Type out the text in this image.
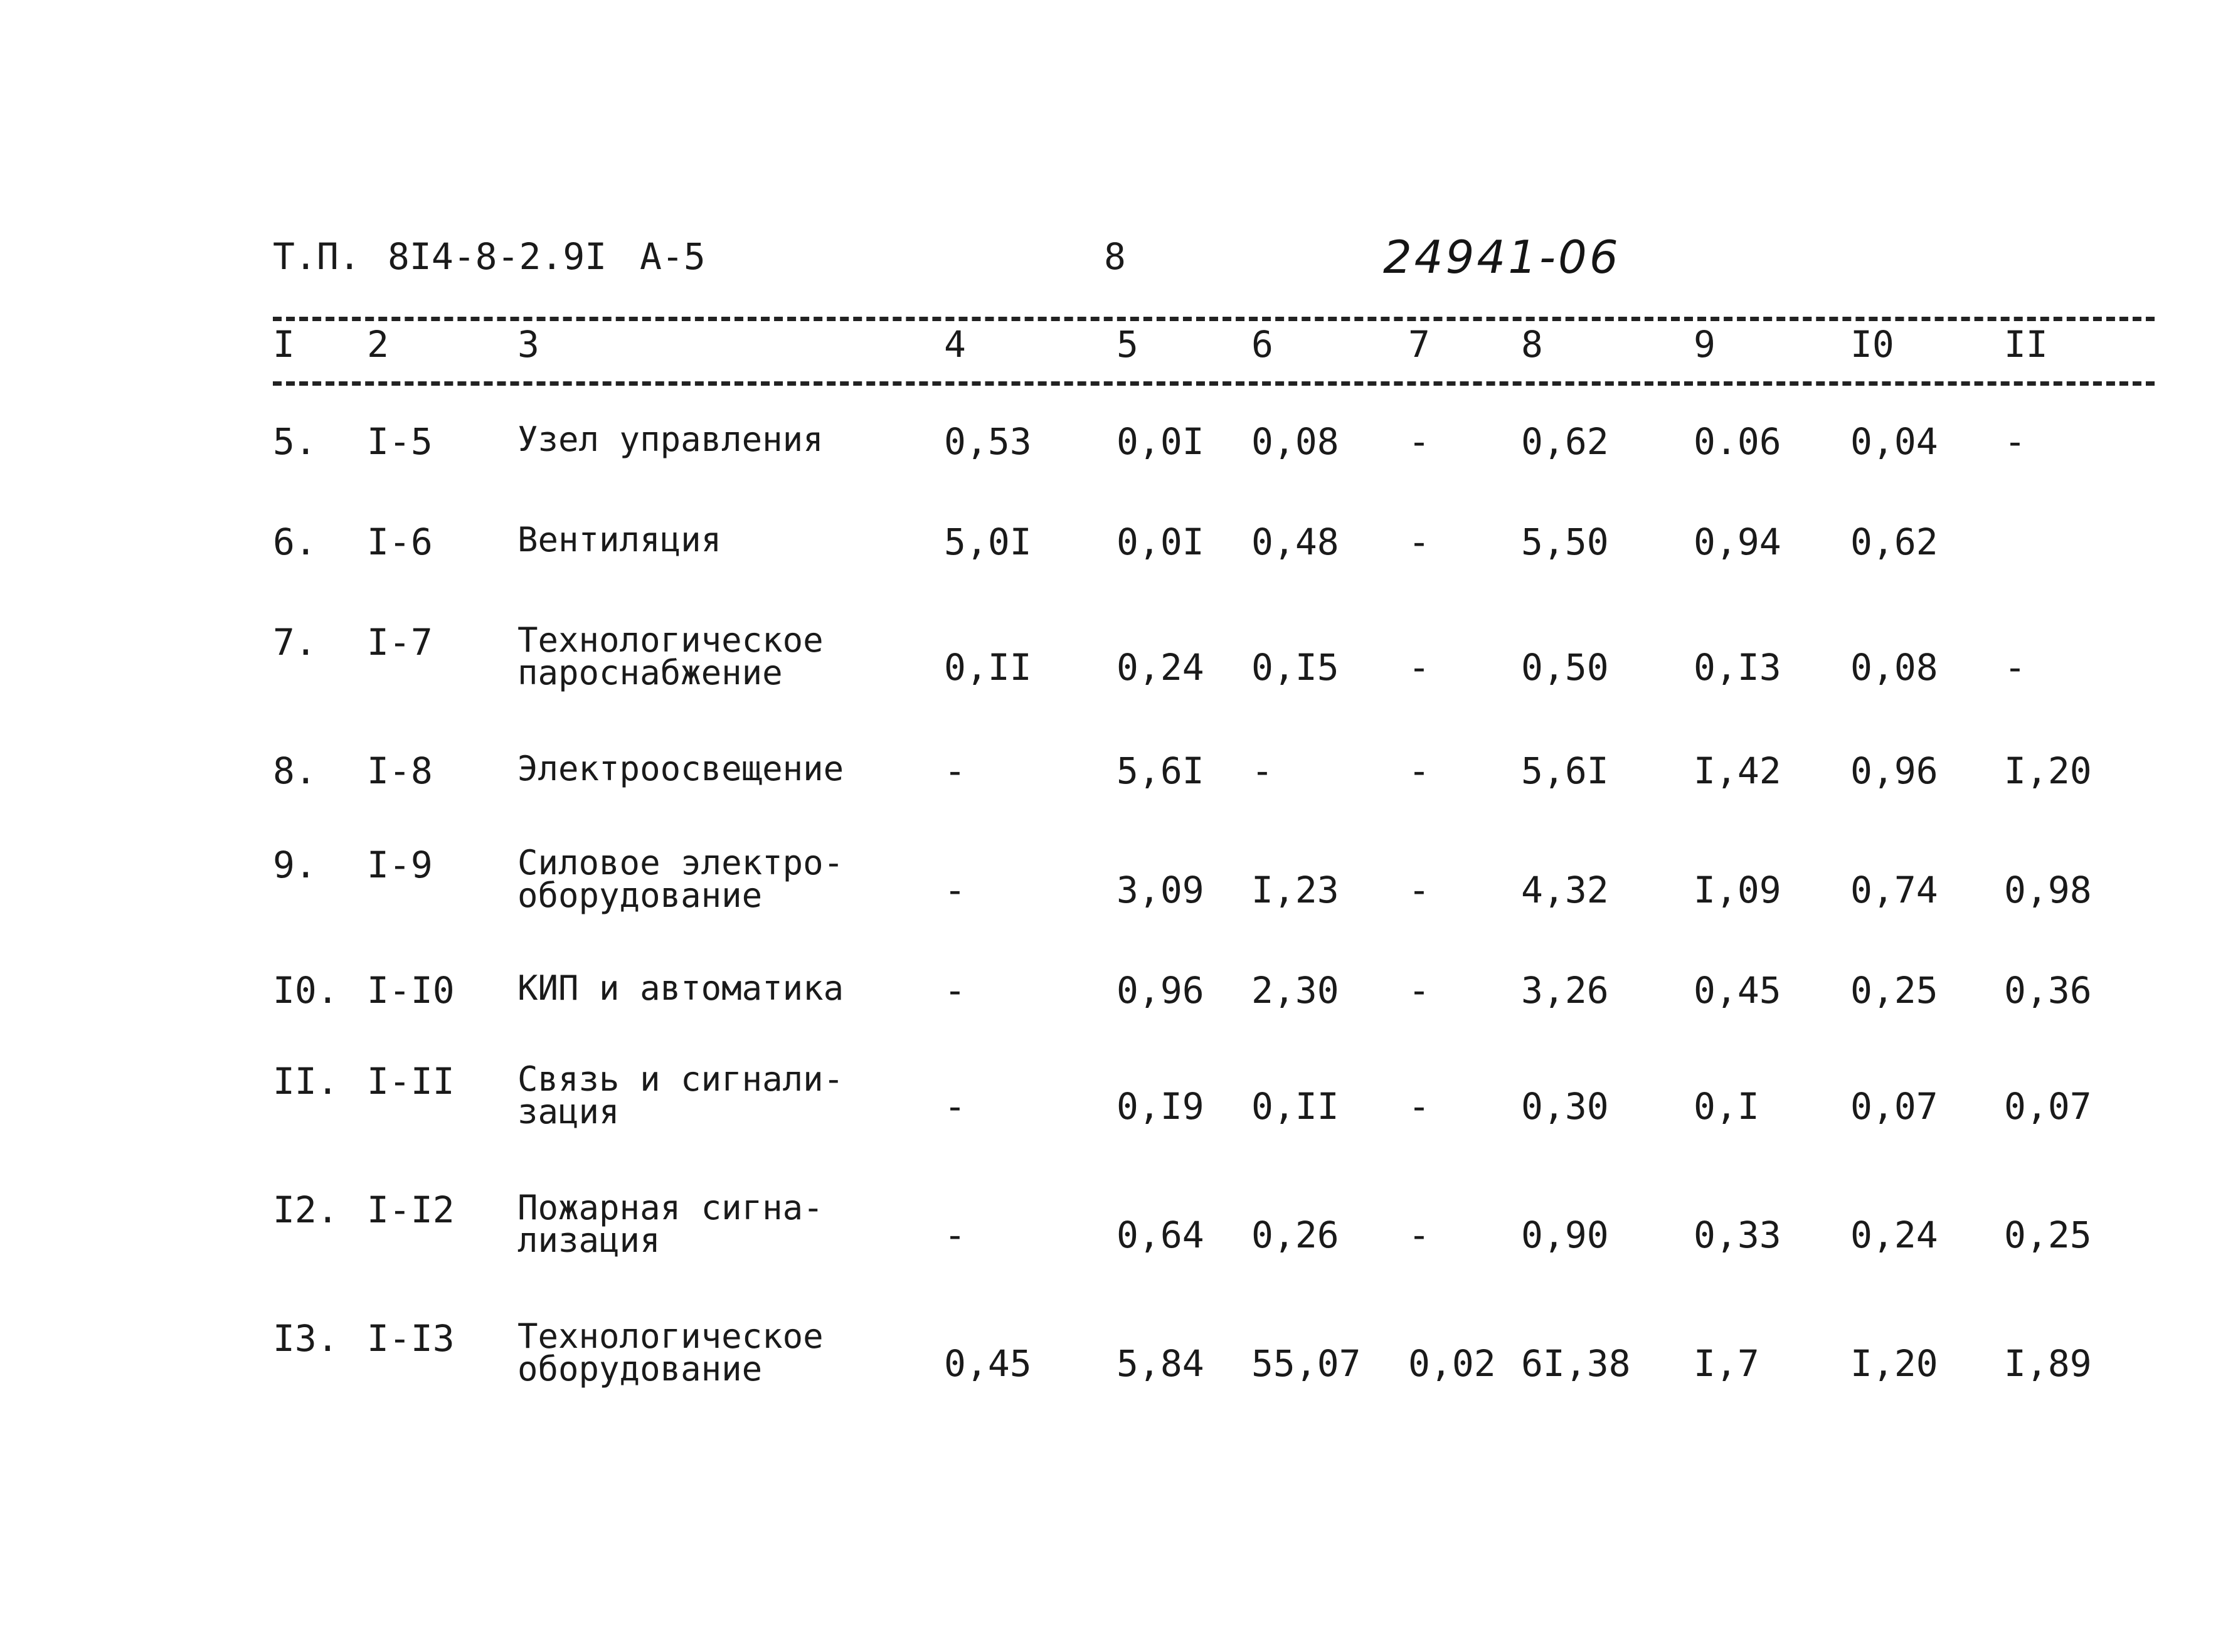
Т.П. 8I4-8-2.9I А-5	8	24941-06
I 2	3	4	5	6	7	8	9	I0	II
5. I-5	Узел управления	0,53 0,0I 0,08 -	0,62 0.06 0,04 -
6. I-6	Вентиляция	5,0I 0,0I 0,48 -	5,50 0,94 0,62
7. I-7	Технологическое
пароснабжение	0,II 0,24 0,I5 -	0,50 0,I3 0,08 -
8. I-8	Электроосвещение	-	5,6I -	-	5,6I I,42 0,96 I,20
9. I-9	Силовое электро-
оборудование	-	3,09 I,23 -	4,32 I,09 0,74 0,98
I0. I-I0 КИП и автоматика	-	0,96 2,30 -	3,26 0,45 0,25 0,36
II. I-II Связь и сигнали-
зация	-	0,I9 0,II -	0,30 0,I	0,07 0,07
I2. I-I2 Пожарная сигна-
лизация	-	0,64 0,26 -	0,90 0,33 0,24 0,25
I3. I-I3 Технологическое
оборудование	0,45 5,84 55,07 0,02 6I,38 I,7	I,20 I,89
